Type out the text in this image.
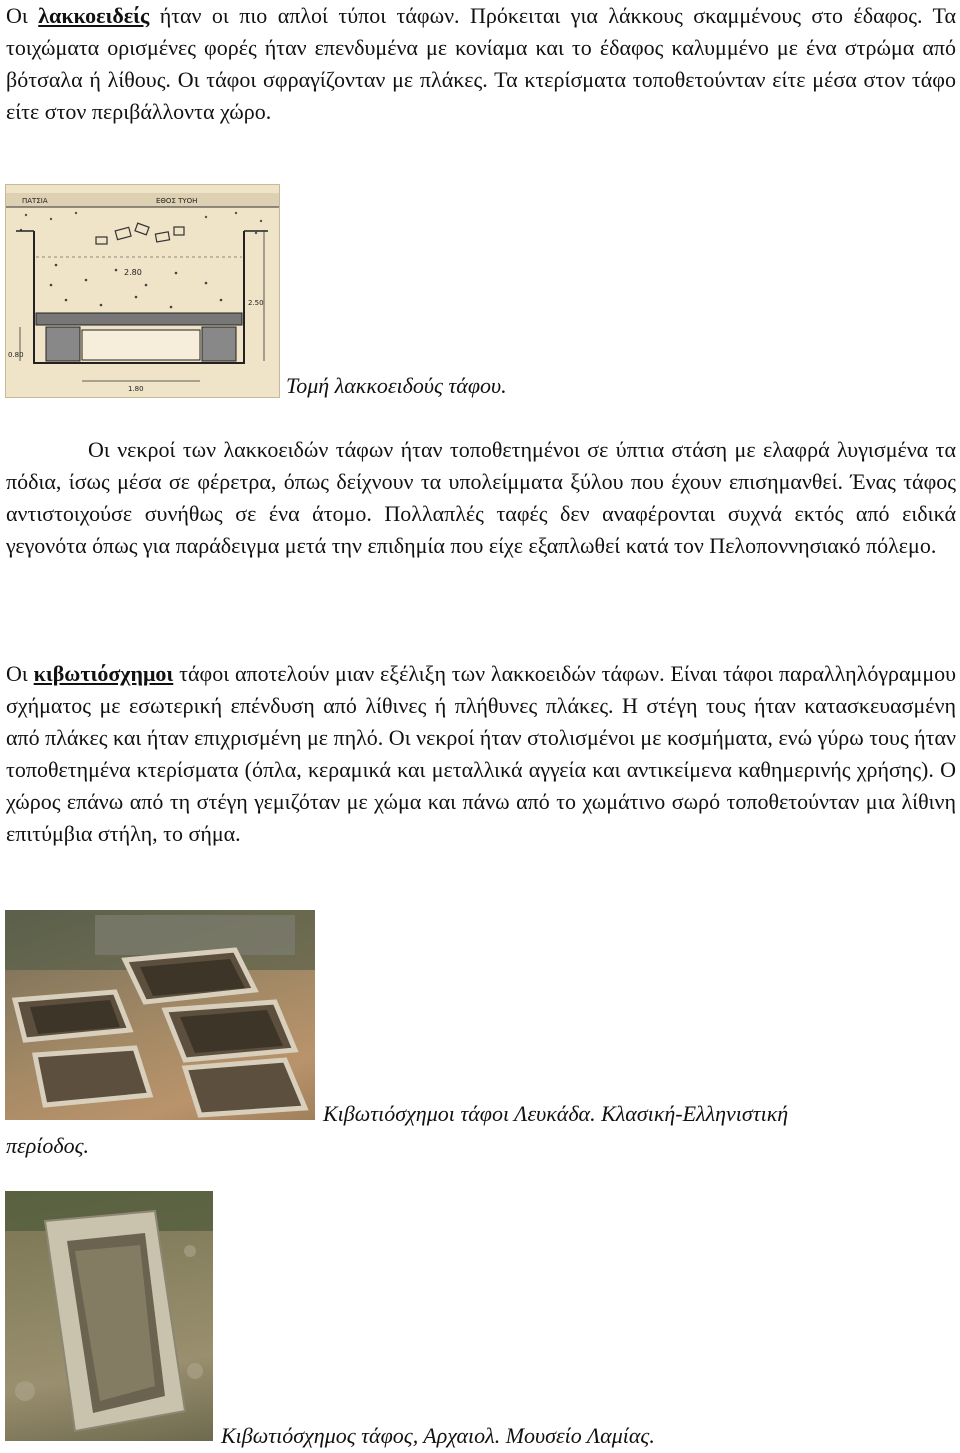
Οι λακκοειδείς ήταν οι πιο απλοί τύποι τάφων. Πρόκειται για λάκκους σκαμμένους στο έδαφος. Τα τοιχώματα ορισμένες φορές ήταν επενδυμένα με κονίαμα και το έδαφος καλυμμένο με ένα στρώμα από βότσαλα ή λίθους. Οι τάφοι σφραγίζονταν με πλάκες. Τα κτερίσματα τοποθετούνταν είτε μέσα στον τάφο είτε στον περιβάλλοντα χώρο.
ΠΑΤΣΙΑ	ΕΘΟΣ ΤΥΟΗ
2.80
2.50
0.80
1.80	Τομή λακκοειδούς τάφου.
Οι νεκροί των λακκοειδών τάφων ήταν τοποθετημένοι σε ύπτια στάση με ελαφρά λυγισμένα τα πόδια, ίσως μέσα σε φέρετρα, όπως δείχνουν τα υπολείμματα ξύλου που έχουν επισημανθεί. Ένας τάφος αντιστοιχούσε συνήθως σε ένα άτομο. Πολλαπλές ταφές δεν αναφέρονται συχνά εκτός από ειδικά γεγονότα όπως για παράδειγμα μετά την επιδημία που είχε εξαπλωθεί κατά τον Πελοποννησιακό πόλεμο.
Οι κιβωτιόσχημοι τάφοι αποτελούν μιαν εξέλιξη των λακκοειδών τάφων. Είναι τάφοι παραλληλόγραμμου σχήματος με εσωτερική επένδυση από λίθινες ή πλήθυνες πλάκες. Η στέγη τους ήταν κατασκευασμένη από πλάκες και ήταν επιχρισμένη με πηλό. Οι νεκροί ήταν στολισμένοι με κοσμήματα, ενώ γύρω τους ήταν τοποθετημένα κτερίσματα (όπλα, κεραμικά και μεταλλικά αγγεία και αντικείμενα καθημερινής χρήσης). Ο χώρος επάνω από τη στέγη γεμιζόταν με χώμα και πάνω από το χωμάτινο σωρό τοποθετούνταν μια λίθινη επιτύμβια στήλη, το σήμα.
Κιβωτιόσχημοι τάφοι Λευκάδα. Κλασική-Ελληνιστική
περίοδος.
Κιβωτιόσχημος τάφος, Αρχαιολ. Μουσείο Λαμίας.
